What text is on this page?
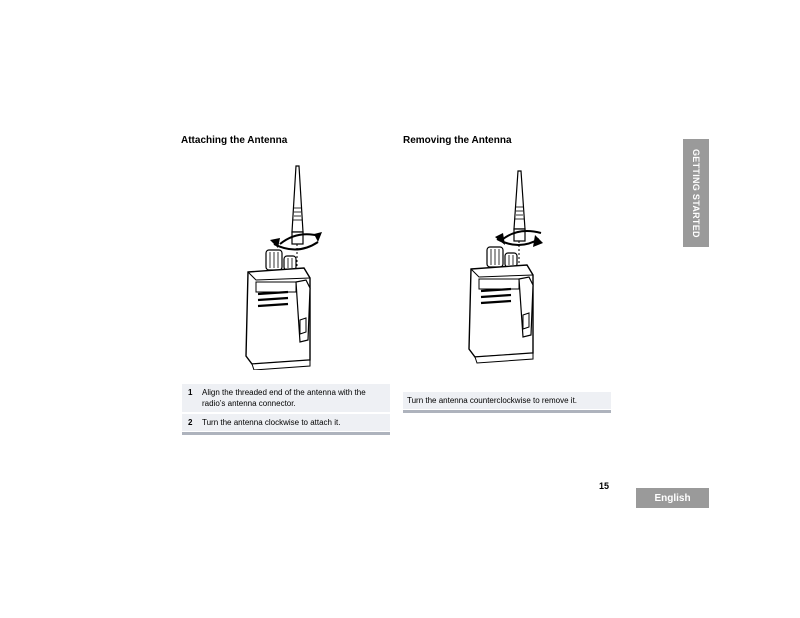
Attaching the Antenna	Removing the Antenna
1	Align the threaded end of the antenna with the radio’s antenna connector.
2	Turn the antenna clockwise to attach it.
Turn the antenna counterclockwise to remove it.
GETTING STARTED
15
English
